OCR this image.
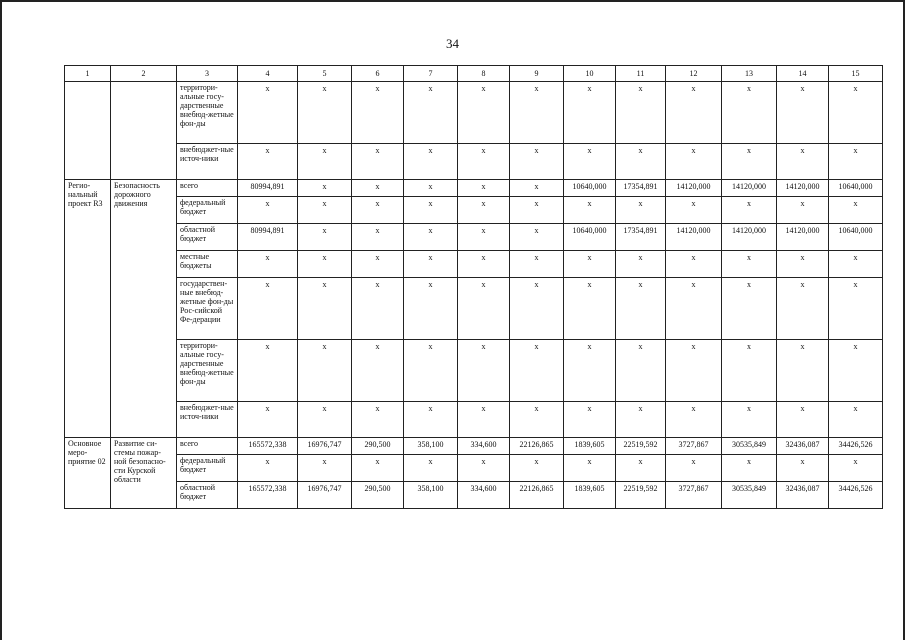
34
1	2	3	4	5	6	7	8	9	10	11	12	13	14	15
		территори-альные госу-дарственные внебюд-жетные фон-ды	х	х	х	х	х	х	х	х	х	х	х	х
		внебюджет-ные источ-ники	х	х	х	х	х	х	х	х	х	х	х	х
Регио-нальный проект R3	Безопасность дорожного движения	всего	80994,891	х	х	х	х	х	10640,000	17354,891	14120,000	14120,000	14120,000	10640,000
		федеральный бюджет	х	х	х	х	х	х	х	х	х	х	х	х
		областной бюджет	80994,891	х	х	х	х	х	10640,000	17354,891	14120,000	14120,000	14120,000	10640,000
		местные бюджеты	х	х	х	х	х	х	х	х	х	х	х	х
		государствен-ные внебюд-жетные фон-ды Рос-сийской Фе-дерации	х	х	х	х	х	х	х	х	х	х	х	х
		территори-альные госу-дарственные внебюд-жетные фон-ды	х	х	х	х	х	х	х	х	х	х	х	х
		внебюджет-ные источ-ники	х	х	х	х	х	х	х	х	х	х	х	х
Основное меро-приятие 02	Развитие си-стемы пожар-ной безопасно-сти Курской области	всего	165572,338	16976,747	290,500	358,100	334,600	22126,865	1839,605	22519,592	3727,867	30535,849	32436,087	34426,526
		федеральный бюджет	х	х	х	х	х	х	х	х	х	х	х	х
		областной бюджет	165572,338	16976,747	290,500	358,100	334,600	22126,865	1839,605	22519,592	3727,867	30535,849	32436,087	34426,526
